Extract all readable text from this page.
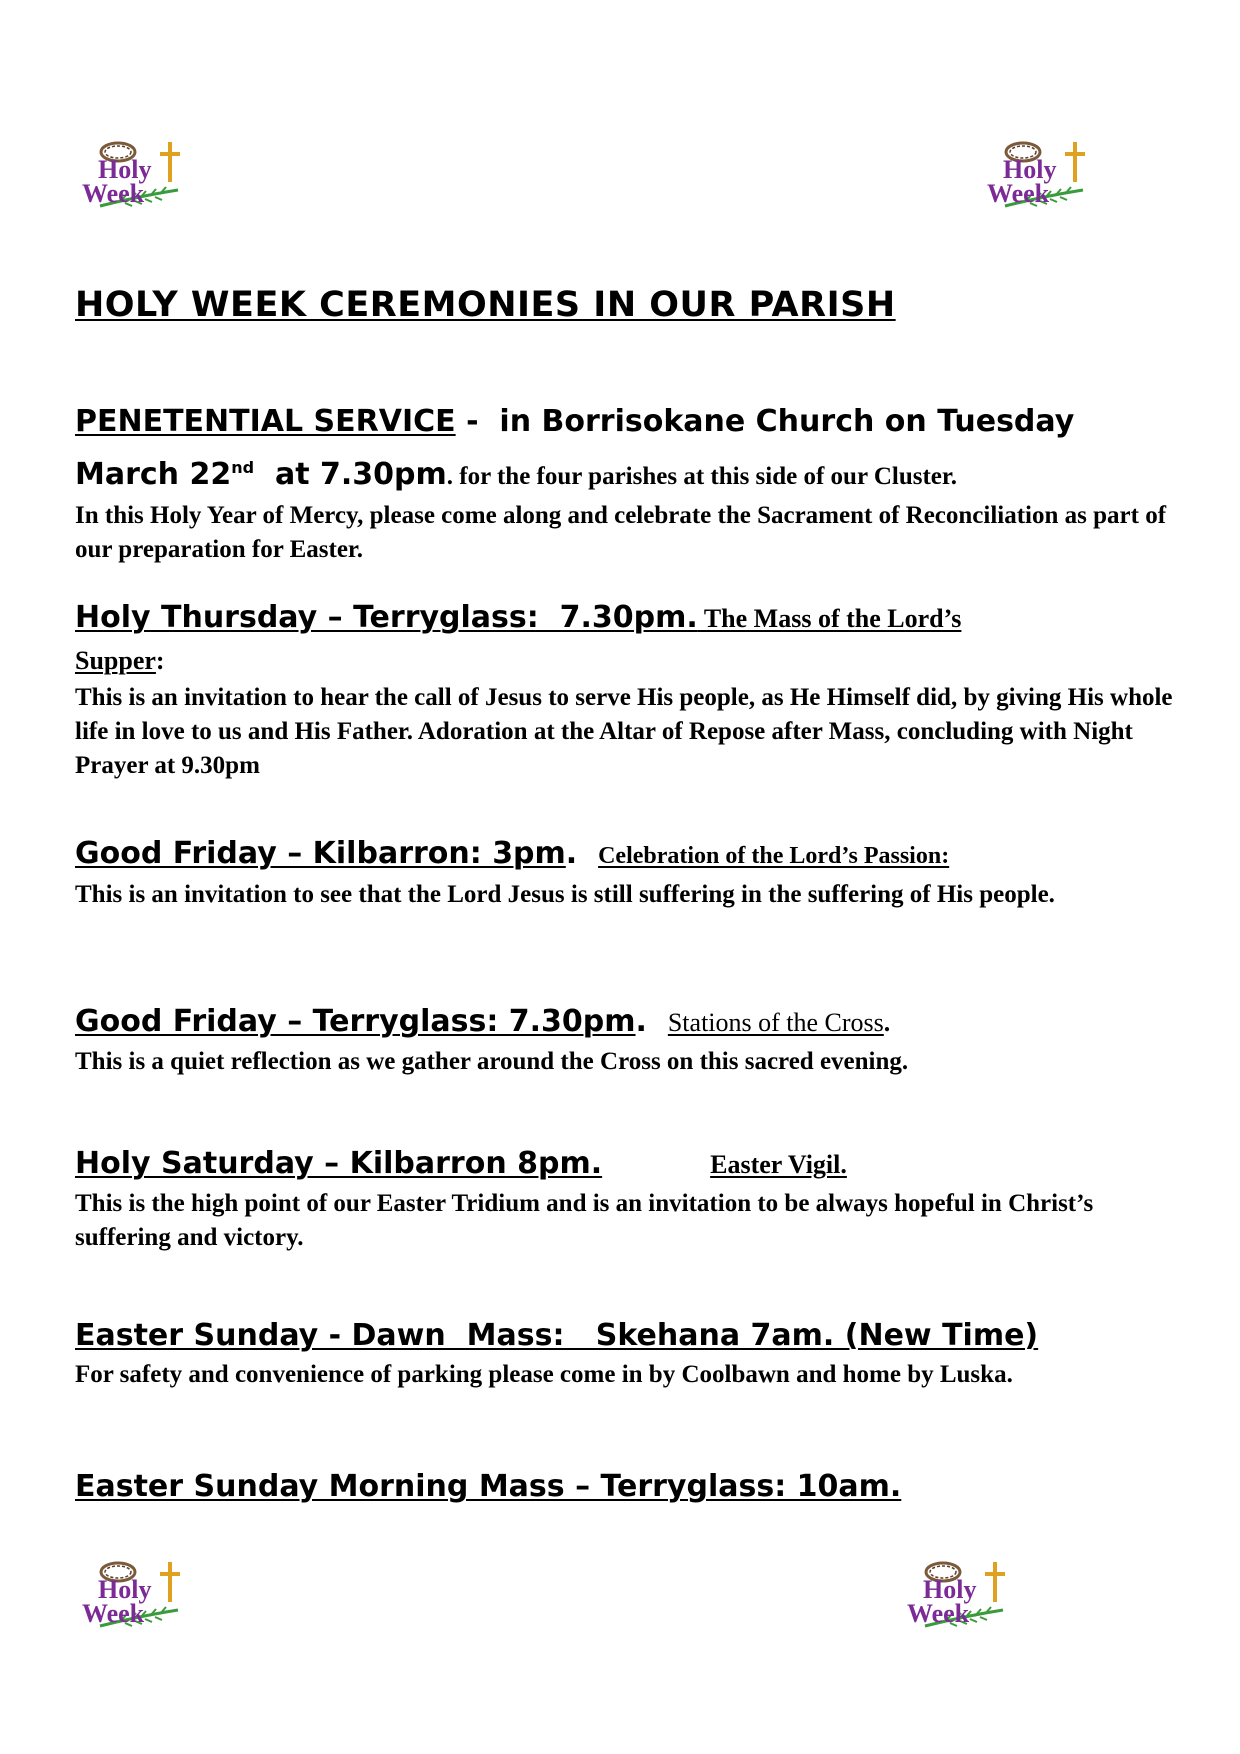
Holy
Week
Holy
Week
HOLY WEEK CEREMONIES IN OUR PARISH
PENETENTIAL SERVICE -  in Borrisokane Church on Tuesday
March 22nd  at 7.30pm. for the four parishes at this side of our Cluster.
In this Holy Year of Mercy, please come along and celebrate the Sacrament of Reconciliation as part of our preparation for Easter.
Holy Thursday – Terryglass:  7.30pm. The Mass of the Lord’s
Supper:
This is an invitation to hear the call of Jesus to serve His people, as He Himself did, by giving His whole life in love to us and His Father. Adoration at the Altar of Repose after Mass, concluding with Night Prayer at 9.30pm
Good Friday – Kilbarron: 3pm.  Celebration of the Lord’s Passion:
This is an invitation to see that the Lord Jesus is still suffering in the suffering of His people.
Good Friday – Terryglass: 7.30pm.  Stations of the Cross.
This is a quiet reflection as we gather around the Cross on this sacred evening.
Holy Saturday – Kilbarron 8pm.	Easter Vigil.
This is the high point of our Easter Tridium and is an invitation to be always hopeful in Christ’s suffering and victory.
Easter Sunday - Dawn  Mass:   Skehana 7am. (New Time)
For safety and convenience of parking please come in by Coolbawn and home by Luska.
Easter Sunday Morning Mass – Terryglass: 10am.
Holy
Week
Holy
Week
